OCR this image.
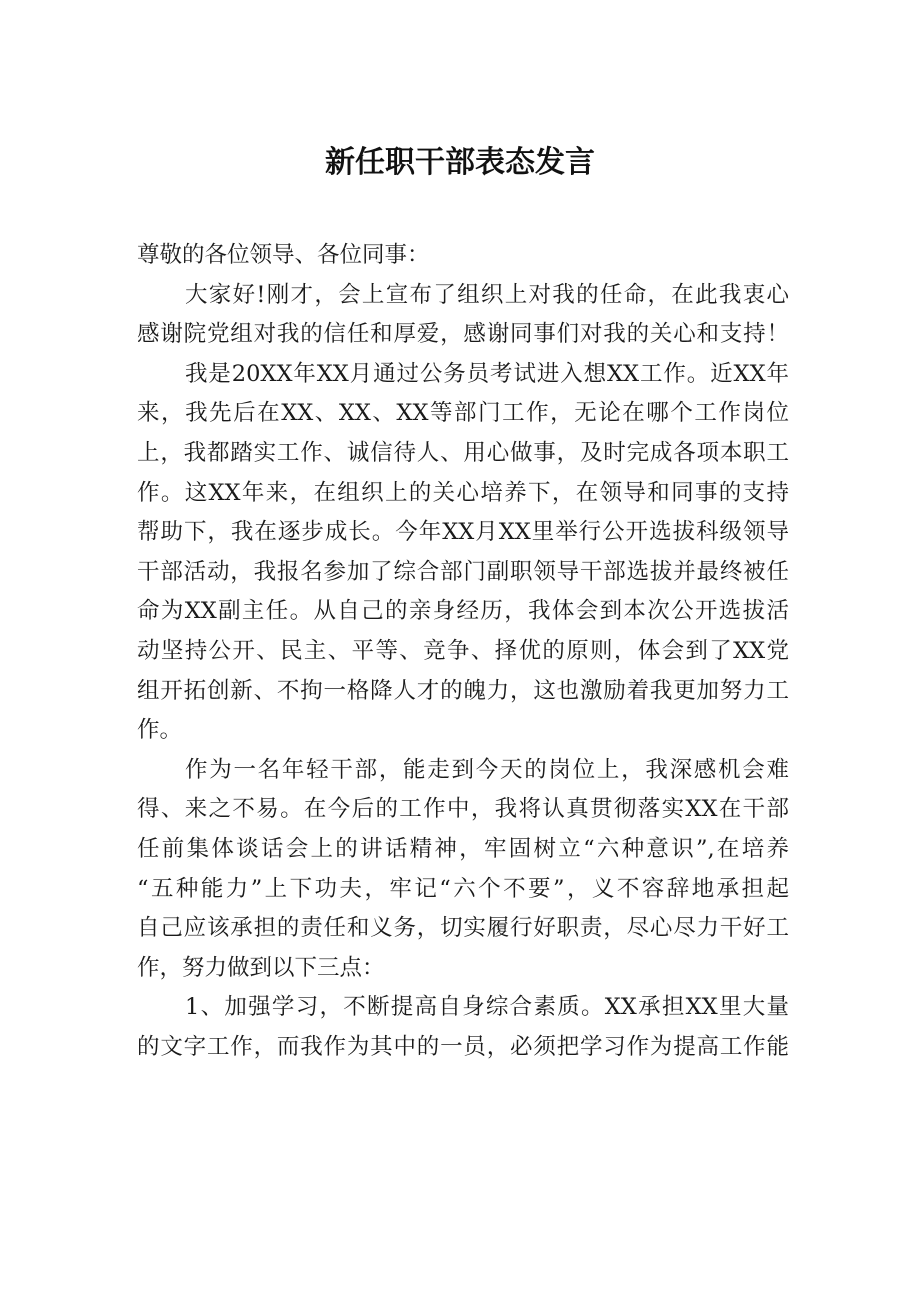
新任职干部表态发言
尊敬的各位领导、各位同事：
大家好!刚才，会上宣布了组织上对我的任命，在此我衷心
感谢院党组对我的信任和厚爱，感谢同事们对我的关心和支持！
我是20XX年XX月通过公务员考试进入想XX工作。近XX年
来，我先后在XX、XX、XX等部门工作，无论在哪个工作岗位
上，我都踏实工作、诚信待人、用心做事，及时完成各项本职工
作。这XX年来，在组织上的关心培养下，在领导和同事的支持
帮助下，我在逐步成长。今年XX月XX里举行公开选拔科级领导
干部活动，我报名参加了综合部门副职领导干部选拔并最终被任
命为XX副主任。从自己的亲身经历，我体会到本次公开选拔活
动坚持公开、民主、平等、竞争、择优的原则，体会到了XX党
组开拓创新、不拘一格降人才的魄力，这也激励着我更加努力工
作。
作为一名年轻干部，能走到今天的岗位上，我深感机会难
得、来之不易。在今后的工作中，我将认真贯彻落实XX在干部
任前集体谈话会上的讲话精神，牢固树立“六种意识”,在培养
“五种能力”上下功夫，牢记“六个不要”，义不容辞地承担起
自己应该承担的责任和义务，切实履行好职责，尽心尽力干好工
作，努力做到以下三点：
1、加强学习，不断提高自身综合素质。XX承担XX里大量
的文字工作，而我作为其中的一员，必须把学习作为提高工作能
